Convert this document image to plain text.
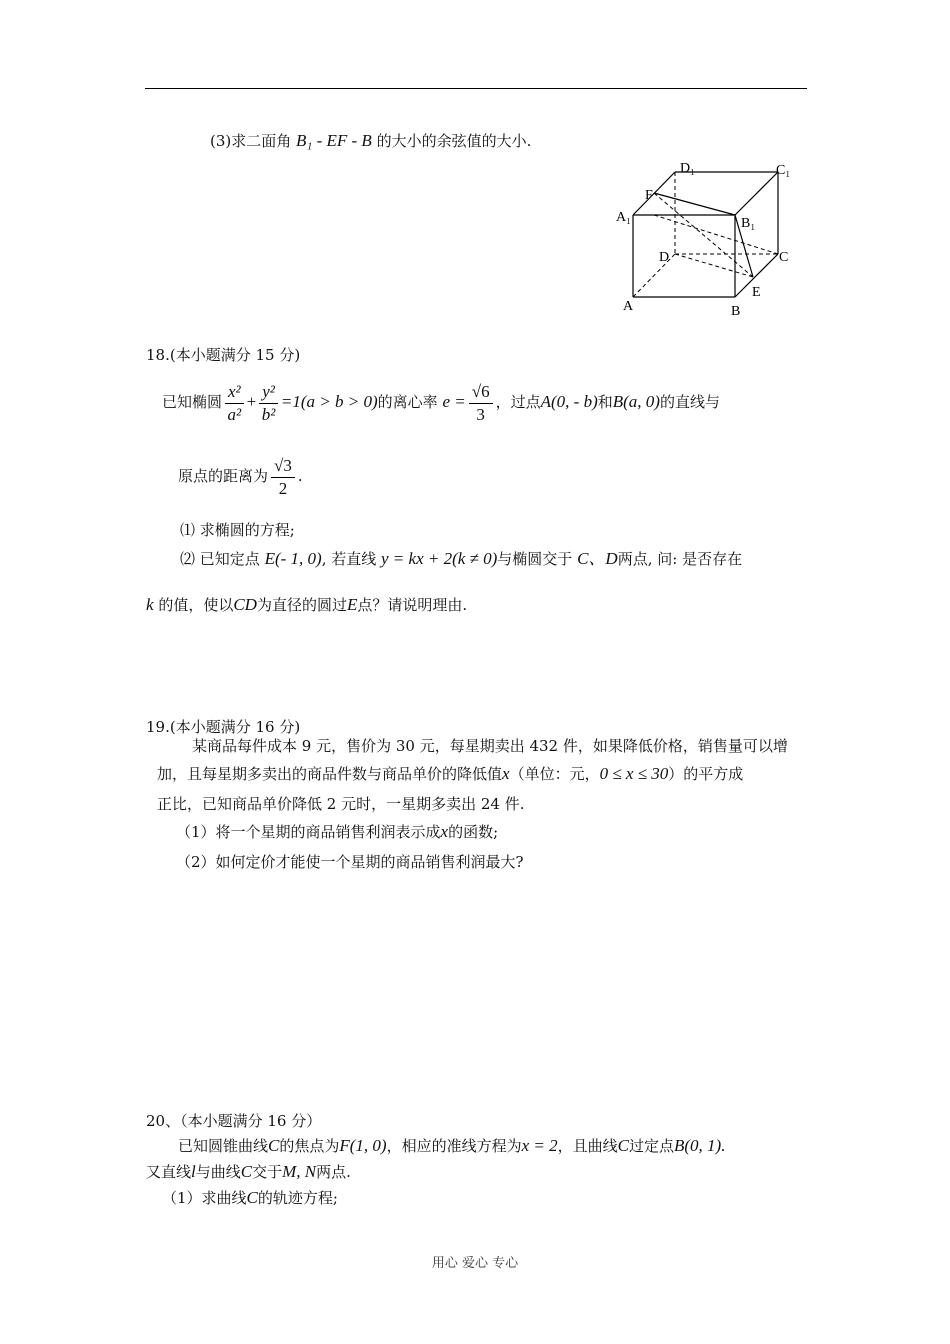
(3)求二面角 B₁ - EF - B 的大小的余弦值的大小.
D₁	C₁
F
A₁	B₁
D	C
E
A	B
18.(本小题满分 15 分)
已知椭圆 $\frac{\text{x²}}{\text{a²}} + \frac{\text{y²}}{\text{b²}} =1(a > b > 0)$的离心率 $e = \frac{√6}{3}$ ，过点A(0, - b)和B(a, 0)的直线与
原点的距离为 $\frac{√3}{2}$ .
⑴ 求椭圆的方程;
⑵ 已知定点 E(- 1, 0), 若直线 y = kx + 2(k ≠ 0)与椭圆交于 C、D两点, 问: 是否存在
k 的值，使以CD为直径的圆过E点？请说明理由.
19.(本小题满分 16 分)
某商品每件成本 9 元，售价为 30 元，每星期卖出 432 件，如果降低价格，销售量可以增
加，且每星期多卖出的商品件数与商品单价的降低值x（单位：元，0 ≤ x ≤ 30）的平方成
正比，已知商品单价降低 2 元时，一星期多卖出 24 件.
（1）将一个星期的商品销售利润表示成x的函数;
（2）如何定价才能使一个星期的商品销售利润最大?
20、（本小题满分 16 分）
已知圆锥曲线C的焦点为F(1, 0)，相应的准线方程为x = 2，且曲线C过定点B(0, 1).
又直线l与曲线C交于M, N两点.
（1）求曲线C的轨迹方程;
用心 爱心 专心
